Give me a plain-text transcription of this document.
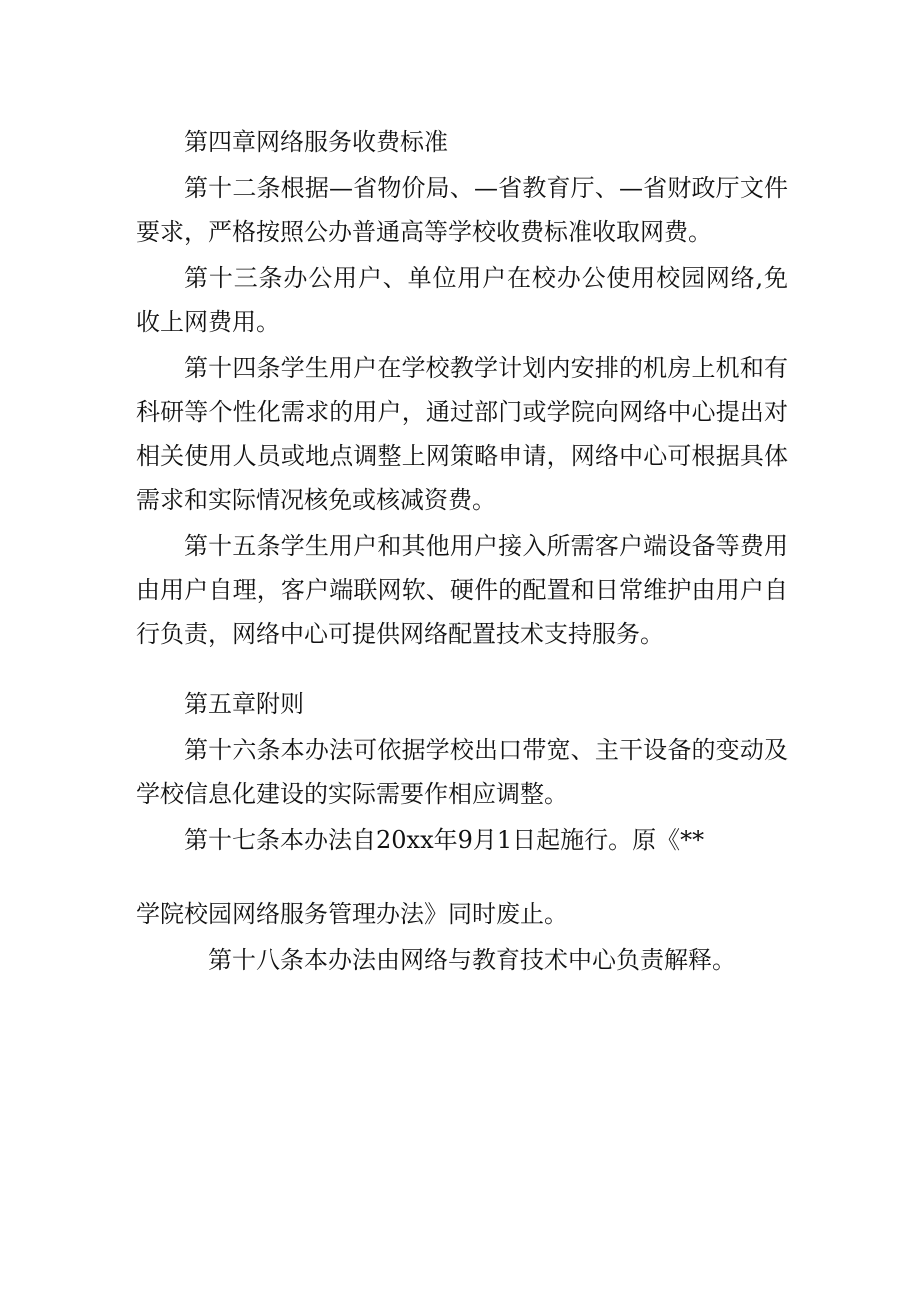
第四章网络服务收费标准

第十二条根据—省物价局、—省教育厅、—省财政厅文件要求，严格按照公办普通高等学校收费标准收取网费。

第十三条办公用户、单位用户在校办公使用校园网络,免收上网费用。

第十四条学生用户在学校教学计划内安排的机房上机和有科研等个性化需求的用户，通过部门或学院向网络中心提出对相关使用人员或地点调整上网策略申请，网络中心可根据具体需求和实际情况核免或核减资费。

第十五条学生用户和其他用户接入所需客户端设备等费用由用户自理，客户端联网软、硬件的配置和日常维护由用户自行负责，网络中心可提供网络配置技术支持服务。

第五章附则

第十六条本办法可依据学校出口带宽、主干设备的变动及学校信息化建设的实际需要作相应调整。

第十七条本办法自20xx年9月1日起施行。原《**

学院校园网络服务管理办法》同时废止。

第十八条本办法由网络与教育技术中心负责解释。
